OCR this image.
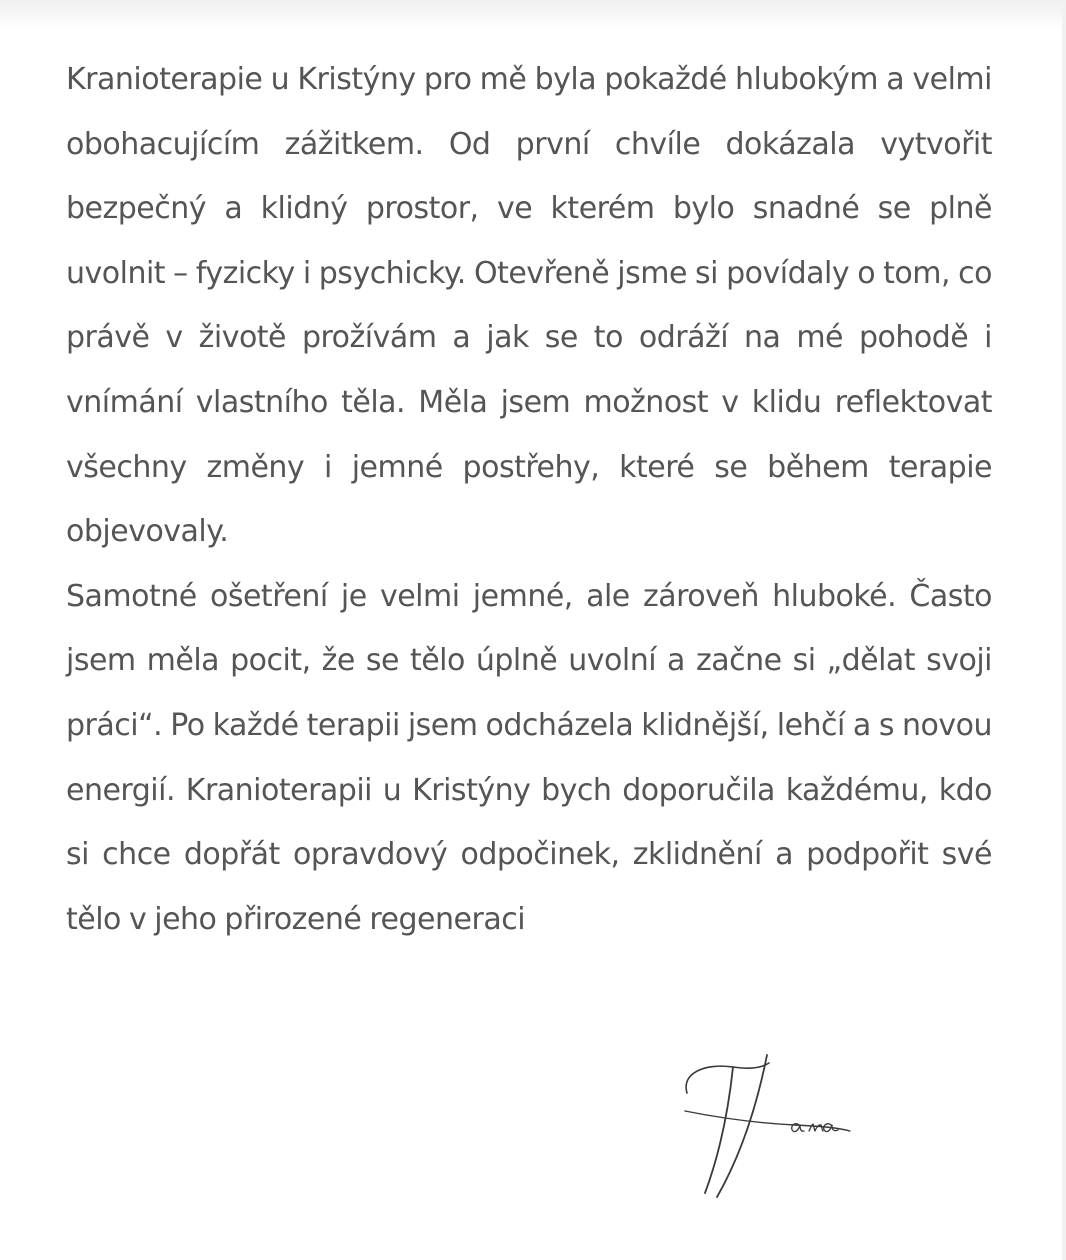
Kranioterapie u Kristýny pro mě byla pokaždé hlubokým a velmi obohacujícím zážitkem. Od první chvíle dokázala vytvořit bezpečný a klidný prostor, ve kterém bylo snadné se plně uvolnit – fyzicky i psychicky. Otevřeně jsme si povídaly o tom, co právě v životě prožívám a jak se to odráží na mé pohodě i vnímání vlastního těla. Měla jsem možnost v klidu reflektovat všechny změny i jemné postřehy, které se během terapie objevovaly.

Samotné ošetření je velmi jemné, ale zároveň hluboké. Často jsem měla pocit, že se tělo úplně uvolní a začne si „dělat svoji práci“. Po každé terapii jsem odcházela klidnější, lehčí a s novou energií. Kranioterapii u Kristýny bych doporučila každému, kdo si chce dopřát opravdový odpočinek, zklidnění a podpořit své tělo v jeho přirozené regeneraci
